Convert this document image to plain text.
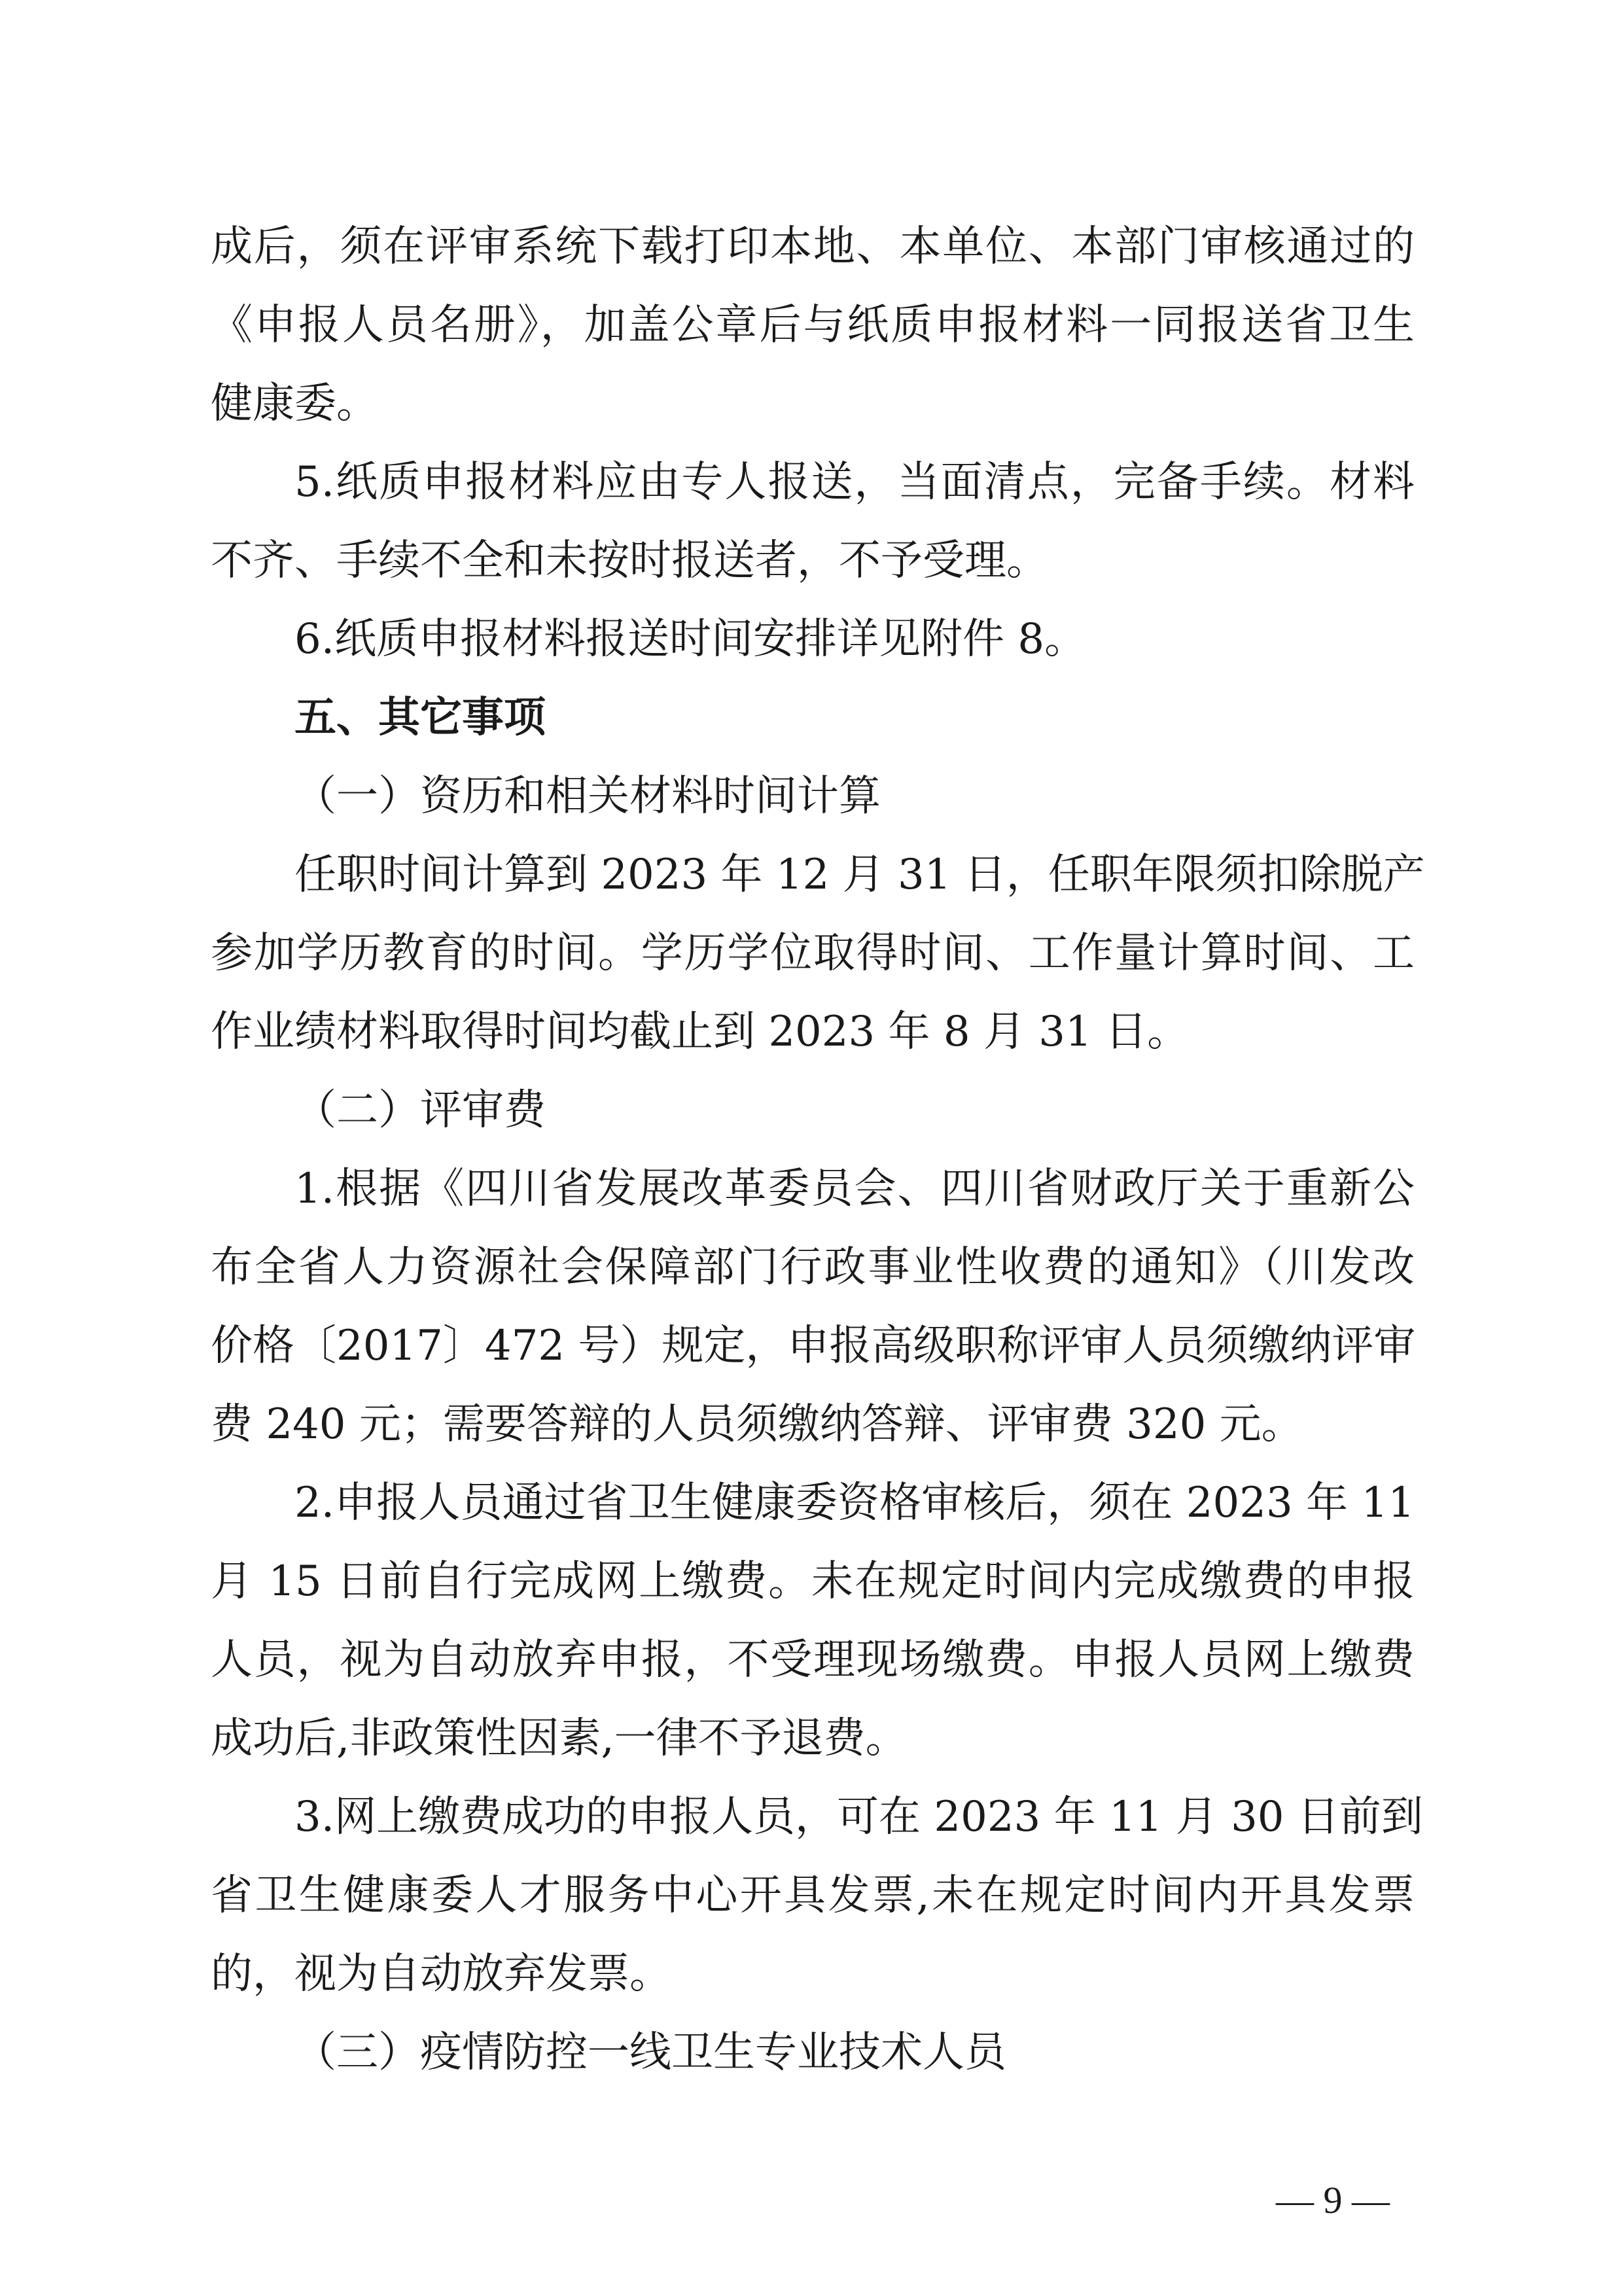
成后，须在评审系统下载打印本地、本单位、本部门审核通过的
《申报人员名册》，加盖公章后与纸质申报材料一同报送省卫生
健康委。
5.纸质申报材料应由专人报送，当面清点，完备手续。材料
不齐、手续不全和未按时报送者，不予受理。
6.纸质申报材料报送时间安排详见附件 8。
五、其它事项
（一）资历和相关材料时间计算
任职时间计算到 2023 年 12 月 31 日，任职年限须扣除脱产
参加学历教育的时间。学历学位取得时间、工作量计算时间、工
作业绩材料取得时间均截止到 2023 年 8 月 31 日。
（二）评审费
1.根据《四川省发展改革委员会、四川省财政厅关于重新公
布全省人力资源社会保障部门行政事业性收费的通知》（川发改
价格〔2017〕472 号）规定，申报高级职称评审人员须缴纳评审
费 240 元；需要答辩的人员须缴纳答辩、评审费 320 元。
2.申报人员通过省卫生健康委资格审核后，须在 2023 年 11
月 15 日前自行完成网上缴费。未在规定时间内完成缴费的申报
人员，视为自动放弃申报，不受理现场缴费。申报人员网上缴费
成功后,非政策性因素,一律不予退费。
3.网上缴费成功的申报人员，可在 2023 年 11 月 30 日前到
省卫生健康委人才服务中心开具发票,未在规定时间内开具发票
的，视为自动放弃发票。
（三）疫情防控一线卫生专业技术人员
— 9 —
